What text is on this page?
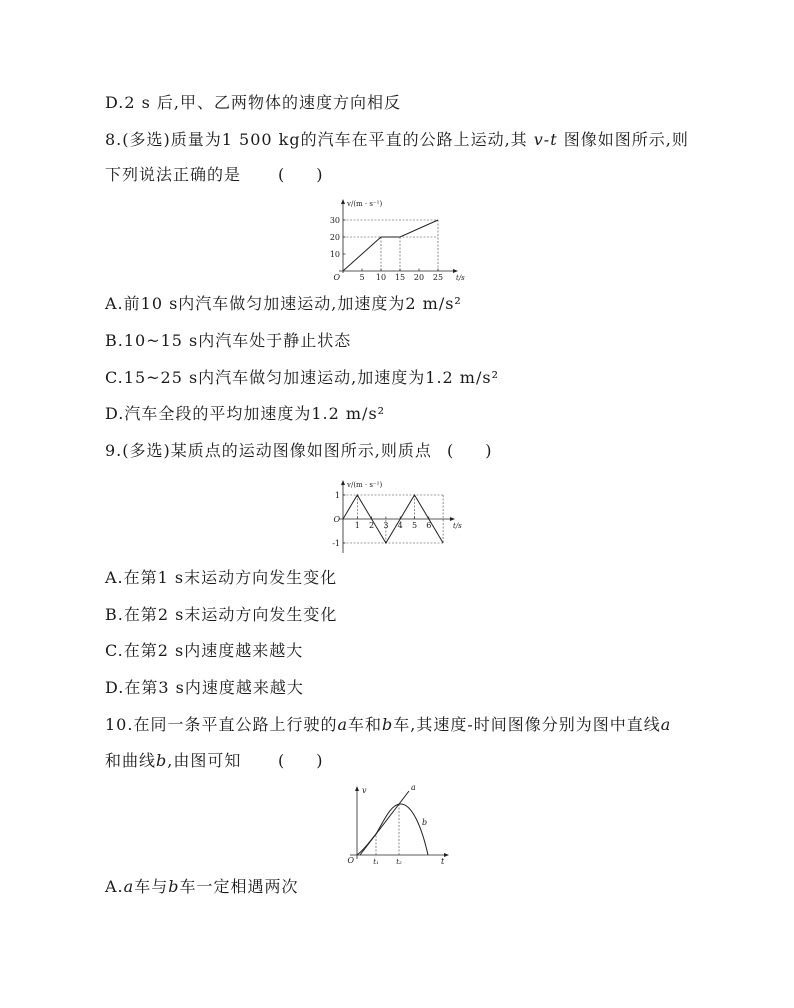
D.2 s 后,甲、乙两物体的速度方向相反
8.(多选)质量为1 500 kg的汽车在平直的公路上运动,其 v-t 图像如图所示,则
下列说法正确的是 (　　)
5 10 15 20 25
10
20
30
v/(m · s⁻¹)
t/s
O
A.前10 s内汽车做匀加速运动,加速度为2 m/s²
B.10~15 s内汽车处于静止状态
C.15~25 s内汽车做匀加速运动,加速度为1.2 m/s²
D.汽车全段的平均加速度为1.2 m/s²
9.(多选)某质点的运动图像如图所示,则质点 (　　)
1 2 3 4 5 6
1
-1
v/(m · s⁻¹)
t/s
O
A.在第1 s末运动方向发生变化
B.在第2 s末运动方向发生变化
C.在第2 s内速度越来越大
D.在第3 s内速度越来越大
10.在同一条平直公路上行驶的a车和b车,其速度-时间图像分别为图中直线a
和曲线b,由图可知 (　　)
v
t
O	t₁ t₂
a
b
A.a车与b车一定相遇两次
